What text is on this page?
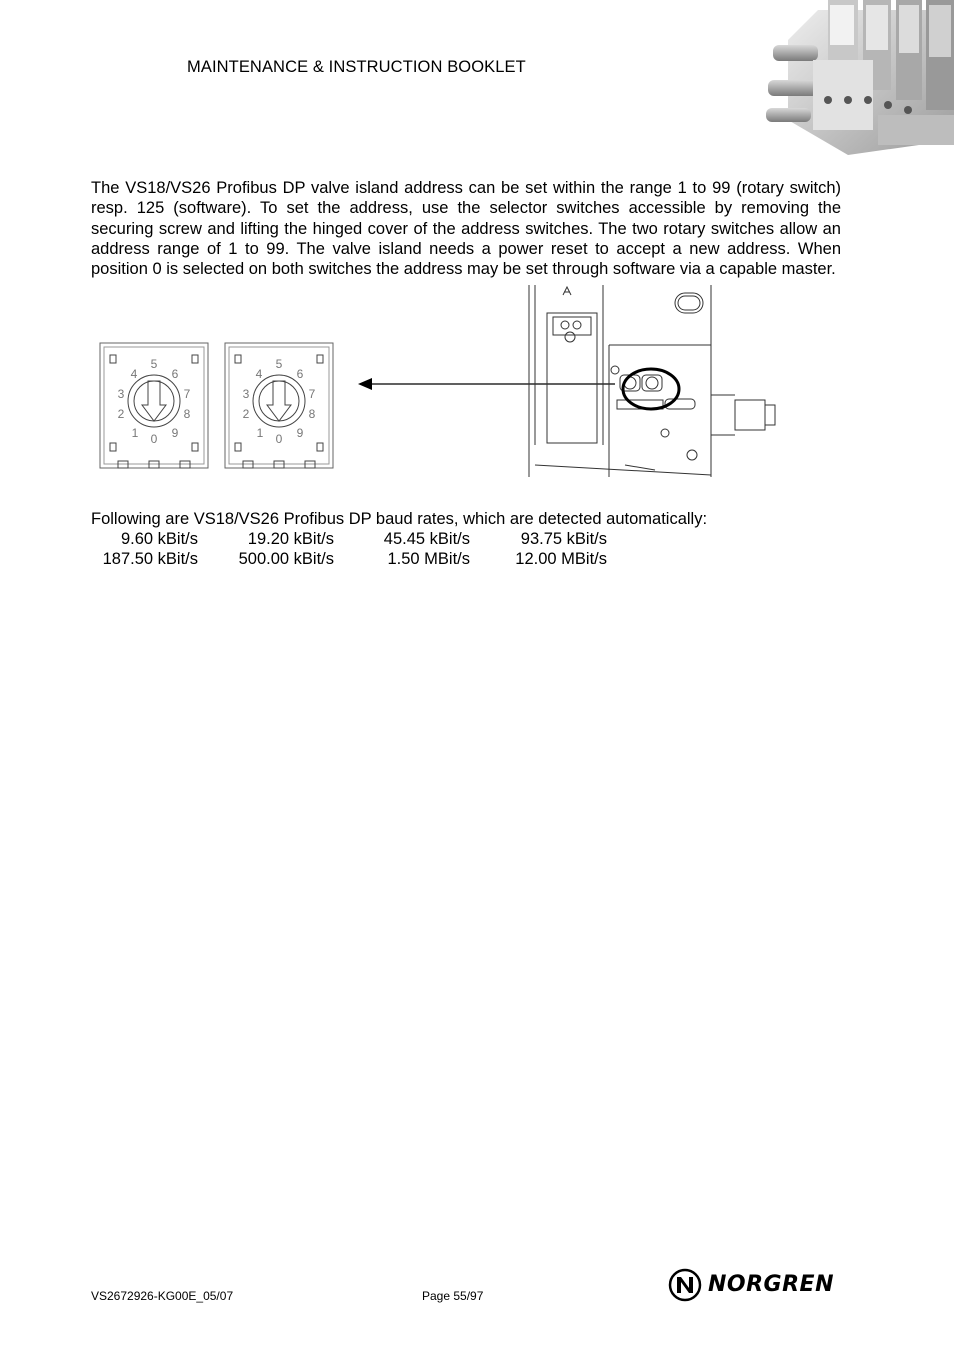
MAINTENANCE & INSTRUCTION BOOKLET
The VS18/VS26 Profibus DP valve island address can be set within the range 1 to 99 (rotary switch) resp. 125 (software). To set the address, use the selector switches accessible by removing the securing screw and lifting the hinged cover of the address switches. The two rotary switches allow an address range of 1 to 99. The valve island needs a power reset to accept a new address. When position 0 is selected on both switches the address may be set through software via a capable master.
5
4
3
2
1 0 9
8
7
6
5
4
3
2
1 0 9
8
7
6
Following are VS18/VS26 Profibus DP baud rates, which are detected automatically:
9.60 kBit/s	19.20 kBit/s	45.45 kBit/s	93.75 kBit/s
187.50 kBit/s 500.00 kBit/s	1.50 MBit/s	12.00 MBit/s
VS2672926-KG00E_05/07	Page 55/97	NORGREN
